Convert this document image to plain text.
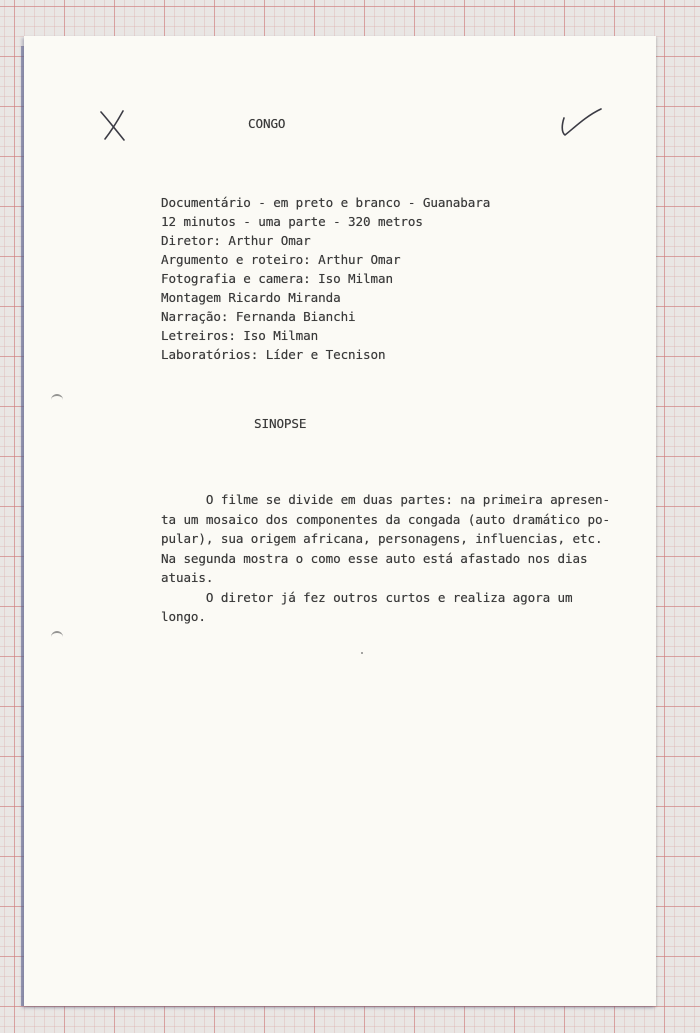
CONGO
Documentário - em preto e branco - Guanabara
12 minutos - uma parte - 320 metros
Diretor: Arthur Omar
Argumento e roteiro: Arthur Omar
Fotografia e camera: Iso Milman
Montagem Ricardo Miranda
Narração: Fernanda Bianchi
Letreiros: Iso Milman
Laboratórios: Líder e Tecnison
SINOPSE
O filme se divide em duas partes: na primeira apresen-
ta um mosaico dos componentes da congada (auto dramático po-
pular), sua origem africana, personagens, influencias, etc.
Na segunda mostra o como esse auto está afastado nos dias
atuais.
O diretor já fez outros curtos e realiza agora um
longo.
